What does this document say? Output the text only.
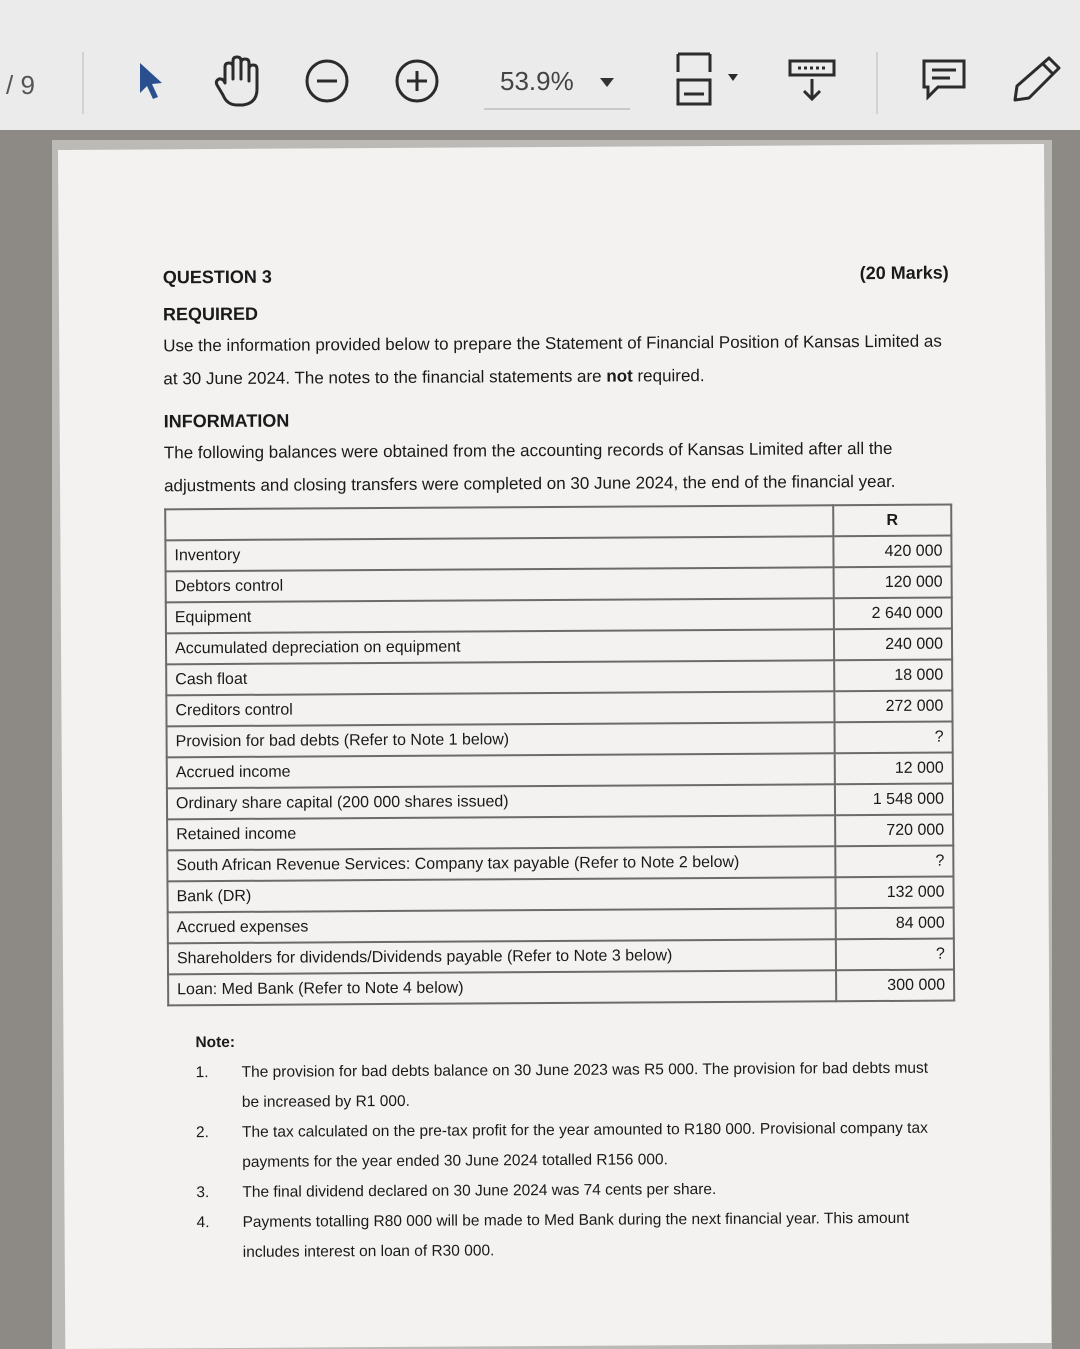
/ 9	53.9%
QUESTION 3	(20 Marks)
REQUIRED
Use the information provided below to prepare the Statement of Financial Position of Kansas Limited as at 30 June 2024. The notes to the financial statements are not required.
INFORMATION
The following balances were obtained from the accounting records of Kansas Limited after all the adjustments and closing transfers were completed on 30 June 2024, the end of the financial year.
	R
Inventory	420 000
Debtors control	120 000
Equipment	2 640 000
Accumulated depreciation on equipment	240 000
Cash float	18 000
Creditors control	272 000
Provision for bad debts (Refer to Note 1 below)	?
Accrued income	12 000
Ordinary share capital (200 000 shares issued)	1 548 000
Retained income	720 000
South African Revenue Services: Company tax payable (Refer to Note 2 below)	?
Bank (DR)	132 000
Accrued expenses	84 000
Shareholders for dividends/Dividends payable (Refer to Note 3 below)	?
Loan: Med Bank (Refer to Note 4 below)	300 000
Note:
1.	The provision for bad debts balance on 30 June 2023 was R5 000. The provision for bad debts must be increased by R1 000.
2.	The tax calculated on the pre-tax profit for the year amounted to R180 000. Provisional company tax payments for the year ended 30 June 2024 totalled R156 000.
3.	The final dividend declared on 30 June 2024 was 74 cents per share.
4.	Payments totalling R80 000 will be made to Med Bank during the next financial year. This amount includes interest on loan of R30 000.
